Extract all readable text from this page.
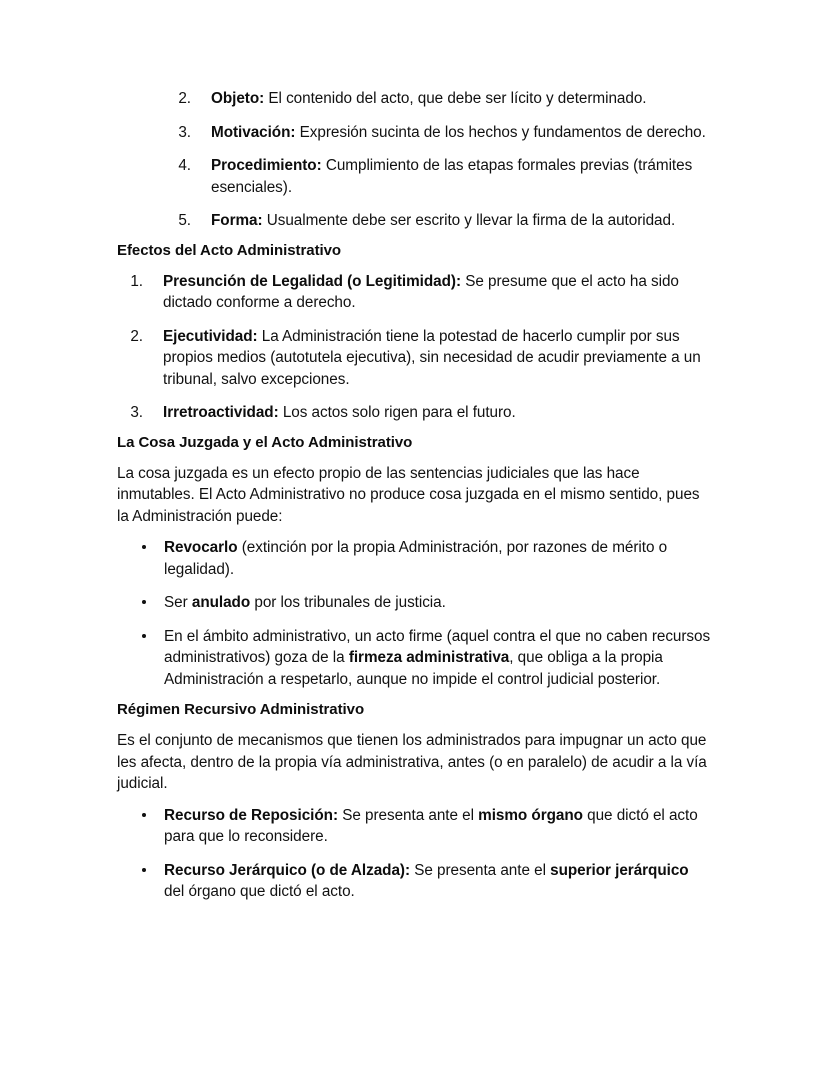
2. Objeto: El contenido del acto, que debe ser lícito y determinado.
3. Motivación: Expresión sucinta de los hechos y fundamentos de derecho.
4. Procedimiento: Cumplimiento de las etapas formales previas (trámites esenciales).
5. Forma: Usualmente debe ser escrito y llevar la firma de la autoridad.
Efectos del Acto Administrativo
1. Presunción de Legalidad (o Legitimidad): Se presume que el acto ha sido dictado conforme a derecho.
2. Ejecutividad: La Administración tiene la potestad de hacerlo cumplir por sus propios medios (autotutela ejecutiva), sin necesidad de acudir previamente a un tribunal, salvo excepciones.
3. Irretroactividad: Los actos solo rigen para el futuro.
La Cosa Juzgada y el Acto Administrativo

La cosa juzgada es un efecto propio de las sentencias judiciales que las hace inmutables. El Acto Administrativo no produce cosa juzgada en el mismo sentido, pues la Administración puede:

Revocarlo (extinción por la propia Administración, por razones de mérito o legalidad).
Ser anulado por los tribunales de justicia.
En el ámbito administrativo, un acto firme (aquel contra el que no caben recursos administrativos) goza de la firmeza administrativa, que obliga a la propia Administración a respetarlo, aunque no impide el control judicial posterior.
Régimen Recursivo Administrativo

Es el conjunto de mecanismos que tienen los administrados para impugnar un acto que les afecta, dentro de la propia vía administrativa, antes (o en paralelo) de acudir a la vía judicial.

Recurso de Reposición: Se presenta ante el mismo órgano que dictó el acto para que lo reconsidere.
Recurso Jerárquico (o de Alzada): Se presenta ante el superior jerárquico del órgano que dictó el acto.
